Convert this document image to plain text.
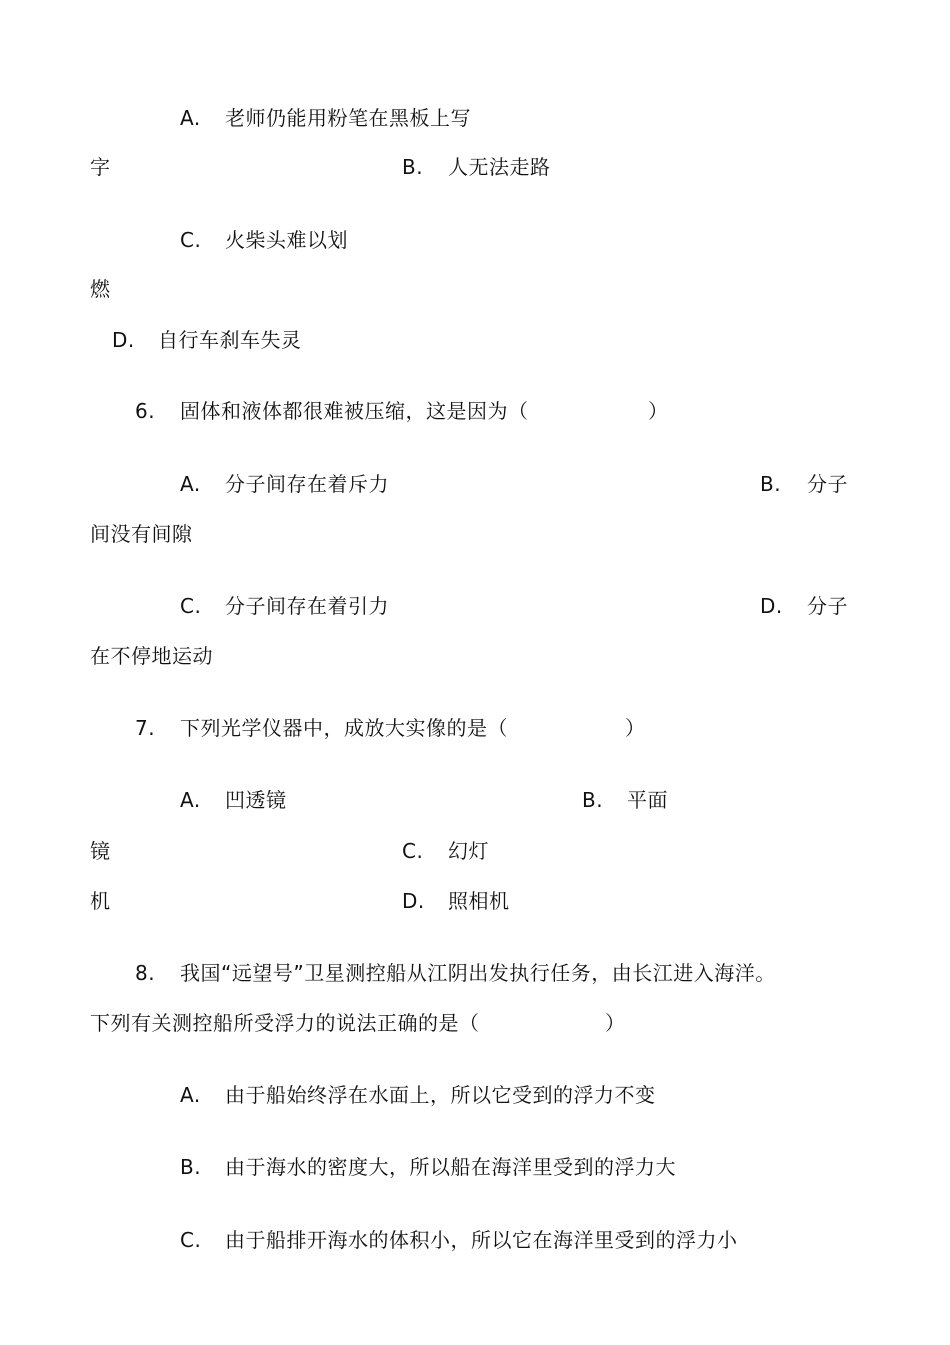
A. 老师仍能用粉笔在黑板上写
字	B. 人无法走路
C. 火柴头难以划
燃
D. 自行车刹车失灵
6. 固体和液体都很难被压缩，这是因为（	）
A. 分子间存在着斥力	B. 分子
间没有间隙
C. 分子间存在着引力	D. 分子
在不停地运动
7. 下列光学仪器中，成放大实像的是（	）
A. 凹透镜	B. 平面
镜	C. 幻灯
机	D. 照相机
8. 我国“远望号”卫星测控船从江阴出发执行任务，由长江进入海洋。
下列有关测控船所受浮力的说法正确的是（	）
A. 由于船始终浮在水面上，所以它受到的浮力不变
B. 由于海水的密度大，所以船在海洋里受到的浮力大
C. 由于船排开海水的体积小，所以它在海洋里受到的浮力小
